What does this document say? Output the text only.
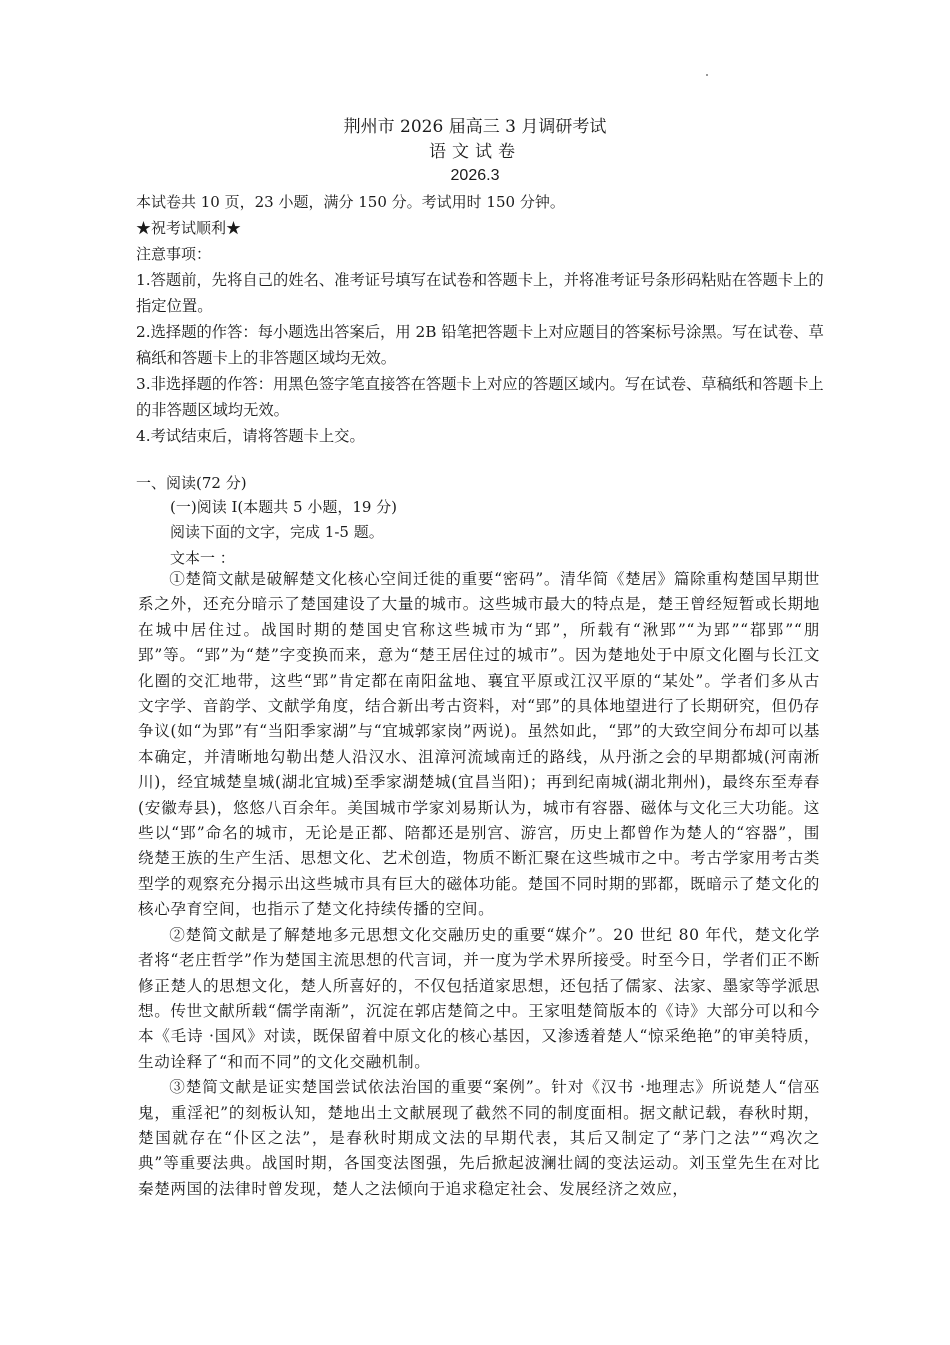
荆州市 2026 届高三 3 月调研考试
语文试卷
2026.3
本试卷共 10 页，23 小题，满分 150 分。考试用时 150 分钟。
★祝考试顺利★
注意事项：

1.答题前，先将自己的姓名、准考证号填写在试卷和答题卡上，并将准考证号条形码粘贴在答题卡上的指定位置。

2.选择题的作答：每小题选出答案后，用 2B 铅笔把答题卡上对应题目的答案标号涂黑。写在试卷、草稿纸和答题卡上的非答题区域均无效。

3.非选择题的作答：用黑色签字笔直接答在答题卡上对应的答题区域内。写在试卷、草稿纸和答题卡上的非答题区域均无效。

4.考试结束后，请将答题卡上交。

一、阅读(72 分)
(一)阅读 I(本题共 5 小题，19 分)
阅读下面的文字，完成 1-5 题。
文本一 ：

①楚简文献是破解楚文化核心空间迁徙的重要“密码”。清华简《楚居》篇除重构楚国早期世系之外，还充分暗示了楚国建设了大量的城市。这些城市最大的特点是，楚王曾经短暂或长期地在城中居住过。战国时期的楚国史官称这些城市为“郢”，所载有“湫郢”“为郢”“鄀郢”“朋郢”等。“郢”为“楚”字变换而来，意为“楚王居住过的城市”。因为楚地处于中原文化圈与长江文化圈的交汇地带，这些“郢”肯定都在南阳盆地、襄宜平原或江汉平原的“某处”。学者们多从古文字学、音韵学、文献学角度，结合新出考古资料，对“郢”的具体地望进行了长期研究，但仍存争议(如“为郢”有“当阳季家湖”与“宜城郭家岗”两说)。虽然如此，“郢”的大致空间分布却可以基本确定，并清晰地勾勒出楚人沿汉水、沮漳河流域南迁的路线，从丹浙之会的早期都城(河南淅川)，经宜城楚皇城(湖北宜城)至季家湖楚城(宜昌当阳)；再到纪南城(湖北荆州)，最终东至寿春(安徽寿县)，悠悠八百余年。美国城市学家刘易斯认为，城市有容器、磁体与文化三大功能。这些以“郢”命名的城市，无论是正都、陪都还是别宫、游宫，历史上都曾作为楚人的“容器”，围绕楚王族的生产生活、思想文化、艺术创造，物质不断汇聚在这些城市之中。考古学家用考古类型学的观察充分揭示出这些城市具有巨大的磁体功能。楚国不同时期的郢都，既暗示了楚文化的核心孕育空间，也指示了楚文化持续传播的空间。

②楚简文献是了解楚地多元思想文化交融历史的重要“媒介”。20 世纪 80 年代，楚文化学者将“老庄哲学”作为楚国主流思想的代言词，并一度为学术界所接受。时至今日，学者们正不断修正楚人的思想文化，楚人所喜好的，不仅包括道家思想，还包括了儒家、法家、墨家等学派思想。传世文献所载“儒学南渐”，沉淀在郭店楚简之中。王家咀楚简版本的《诗》大部分可以和今本《毛诗 ·国风》对读，既保留着中原文化的核心基因，又渗透着楚人“惊采绝艳”的审美特质，生动诠释了“和而不同”的文化交融机制。

③楚简文献是证实楚国尝试依法治国的重要“案例”。针对《汉书 ·地理志》所说楚人“信巫鬼，重淫祀”的刻板认知，楚地出土文献展现了截然不同的制度面相。据文献记载，春秋时期，楚国就存在“仆区之法”，是春秋时期成文法的早期代表，其后又制定了“茅门之法”“鸡次之典”等重要法典。战国时期，各国变法图强，先后掀起波澜壮阔的变法运动。刘玉堂先生在对比秦楚两国的法律时曾发现，楚人之法倾向于追求稳定社会、发展经济之效应，
